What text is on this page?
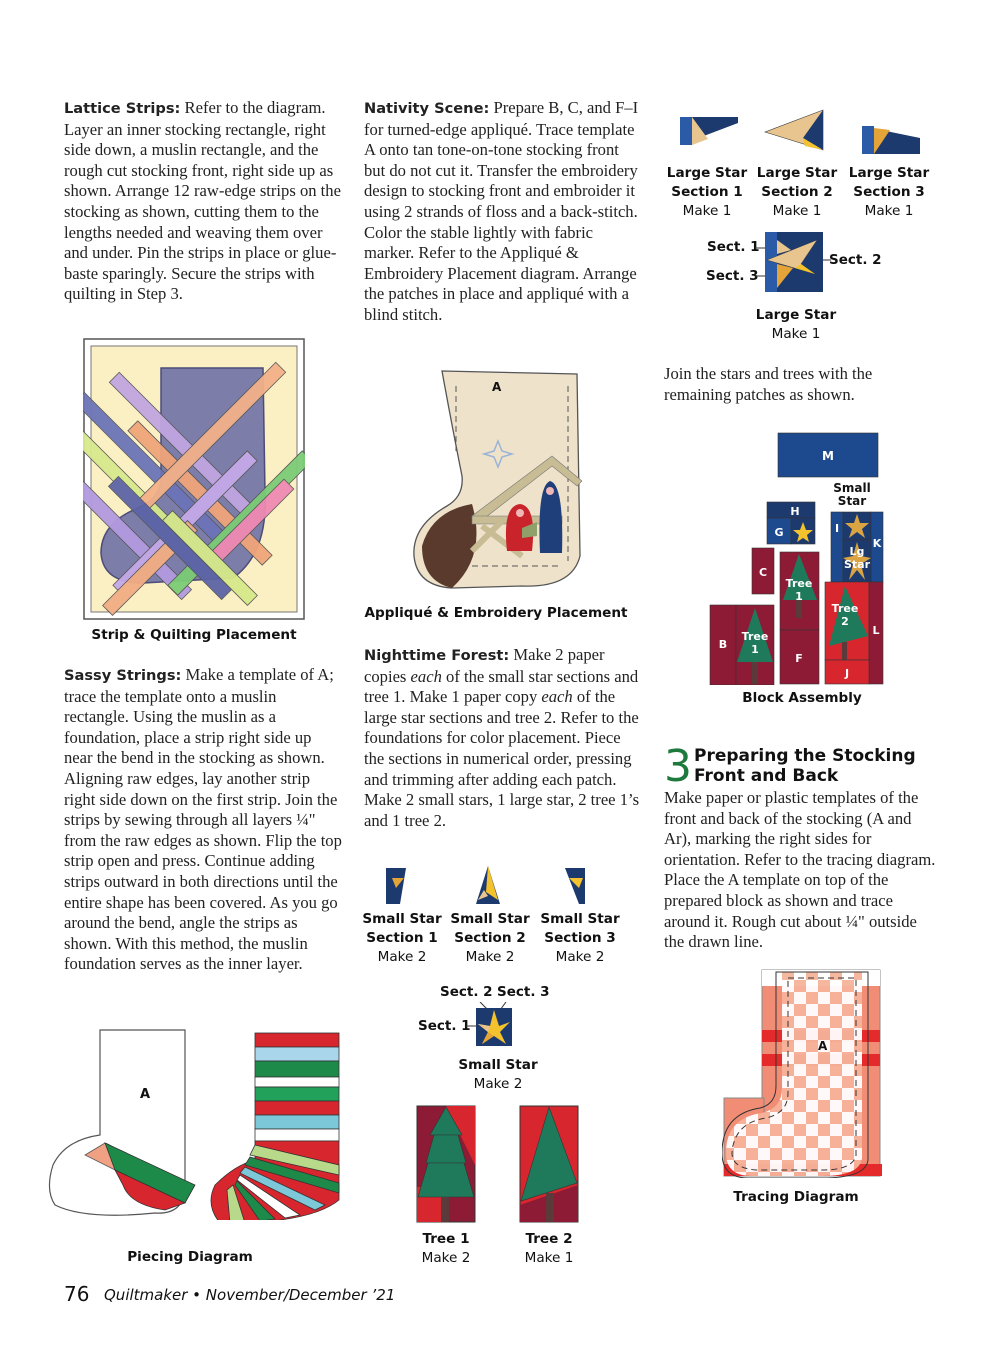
Lattice Strips: Refer to the diagram. Layer an inner stocking rectangle, right side down, a muslin rectangle, and the rough cut stocking front, right side up as shown. Arrange 12 raw-edge strips on the stocking as shown, cutting them to the lengths needed and weaving them over and under. Pin the strips in place or glue-baste sparingly. Secure the strips with quilting in Step 3.
Strip & Quilting Placement
Sassy Strings: Make a template of A; trace the template onto a muslin rectangle. Using the muslin as a foundation, place a strip right side up near the bend in the stocking as shown. Aligning raw edges, lay another strip right side down on the first strip. Join the strips by sewing through all layers ¼" from the raw edges as shown. Flip the top strip open and press. Continue adding strips outward in both directions until the entire shape has been covered. As you go around the bend, angle the strips as shown. With this method, the muslin foundation serves as the inner layer.
A
Piecing Diagram
Nativity Scene: Prepare B, C, and F–I for turned-edge appliqué. Trace template A onto tan tone-on-tone stocking front but do not cut it. Transfer the embroidery design to stocking front and embroider it using 2 strands of floss and a back-stitch. Color the stable lightly with fabric marker. Refer to the Appliqué & Embroidery Placement diagram. Arrange the patches in place and appliqué with a blind stitch.
A
Appliqué & Embroidery Placement
Nighttime Forest: Make 2 paper copies each of the small star sections and tree 1. Make 1 paper copy each of the large star sections and tree 2. Refer to the foundations for color placement. Piece the sections in numerical order, pressing and trimming after adding each patch. Make 2 small stars, 1 large star, 2 tree 1’s and 1 tree 2.
Small Star
Section 1
Make 2
Small Star
Section 2
Make 2
Small Star
Section 3
Make 2
Sect. 2 Sect. 3
Sect. 1
Small Star
Make 2
Tree 1
Make 2
Tree 2
Make 1
Large Star
Section 1
Make 1
Large Star
Section 2
Make 1
Large Star
Section 3
Make 1
Sect. 1
Sect. 3
Sect. 2
Large Star
Make 1
Join the stars and trees with the remaining patches as shown.
M
Small
Star
H
G	I
K
Lg
Star
C
Tree
1
Tree
2
L
J
B
Tree
1
F
Block Assembly
3 Preparing the Stocking
Front and Back
Make paper or plastic templates of the front and back of the stocking (A and Ar), marking the right sides for orientation. Refer to the tracing diagram. Place the A template on top of the prepared block as shown and trace around it. Rough cut about ¼" outside the drawn line.
A
Tracing Diagram
76 Quiltmaker • November/December ’21
